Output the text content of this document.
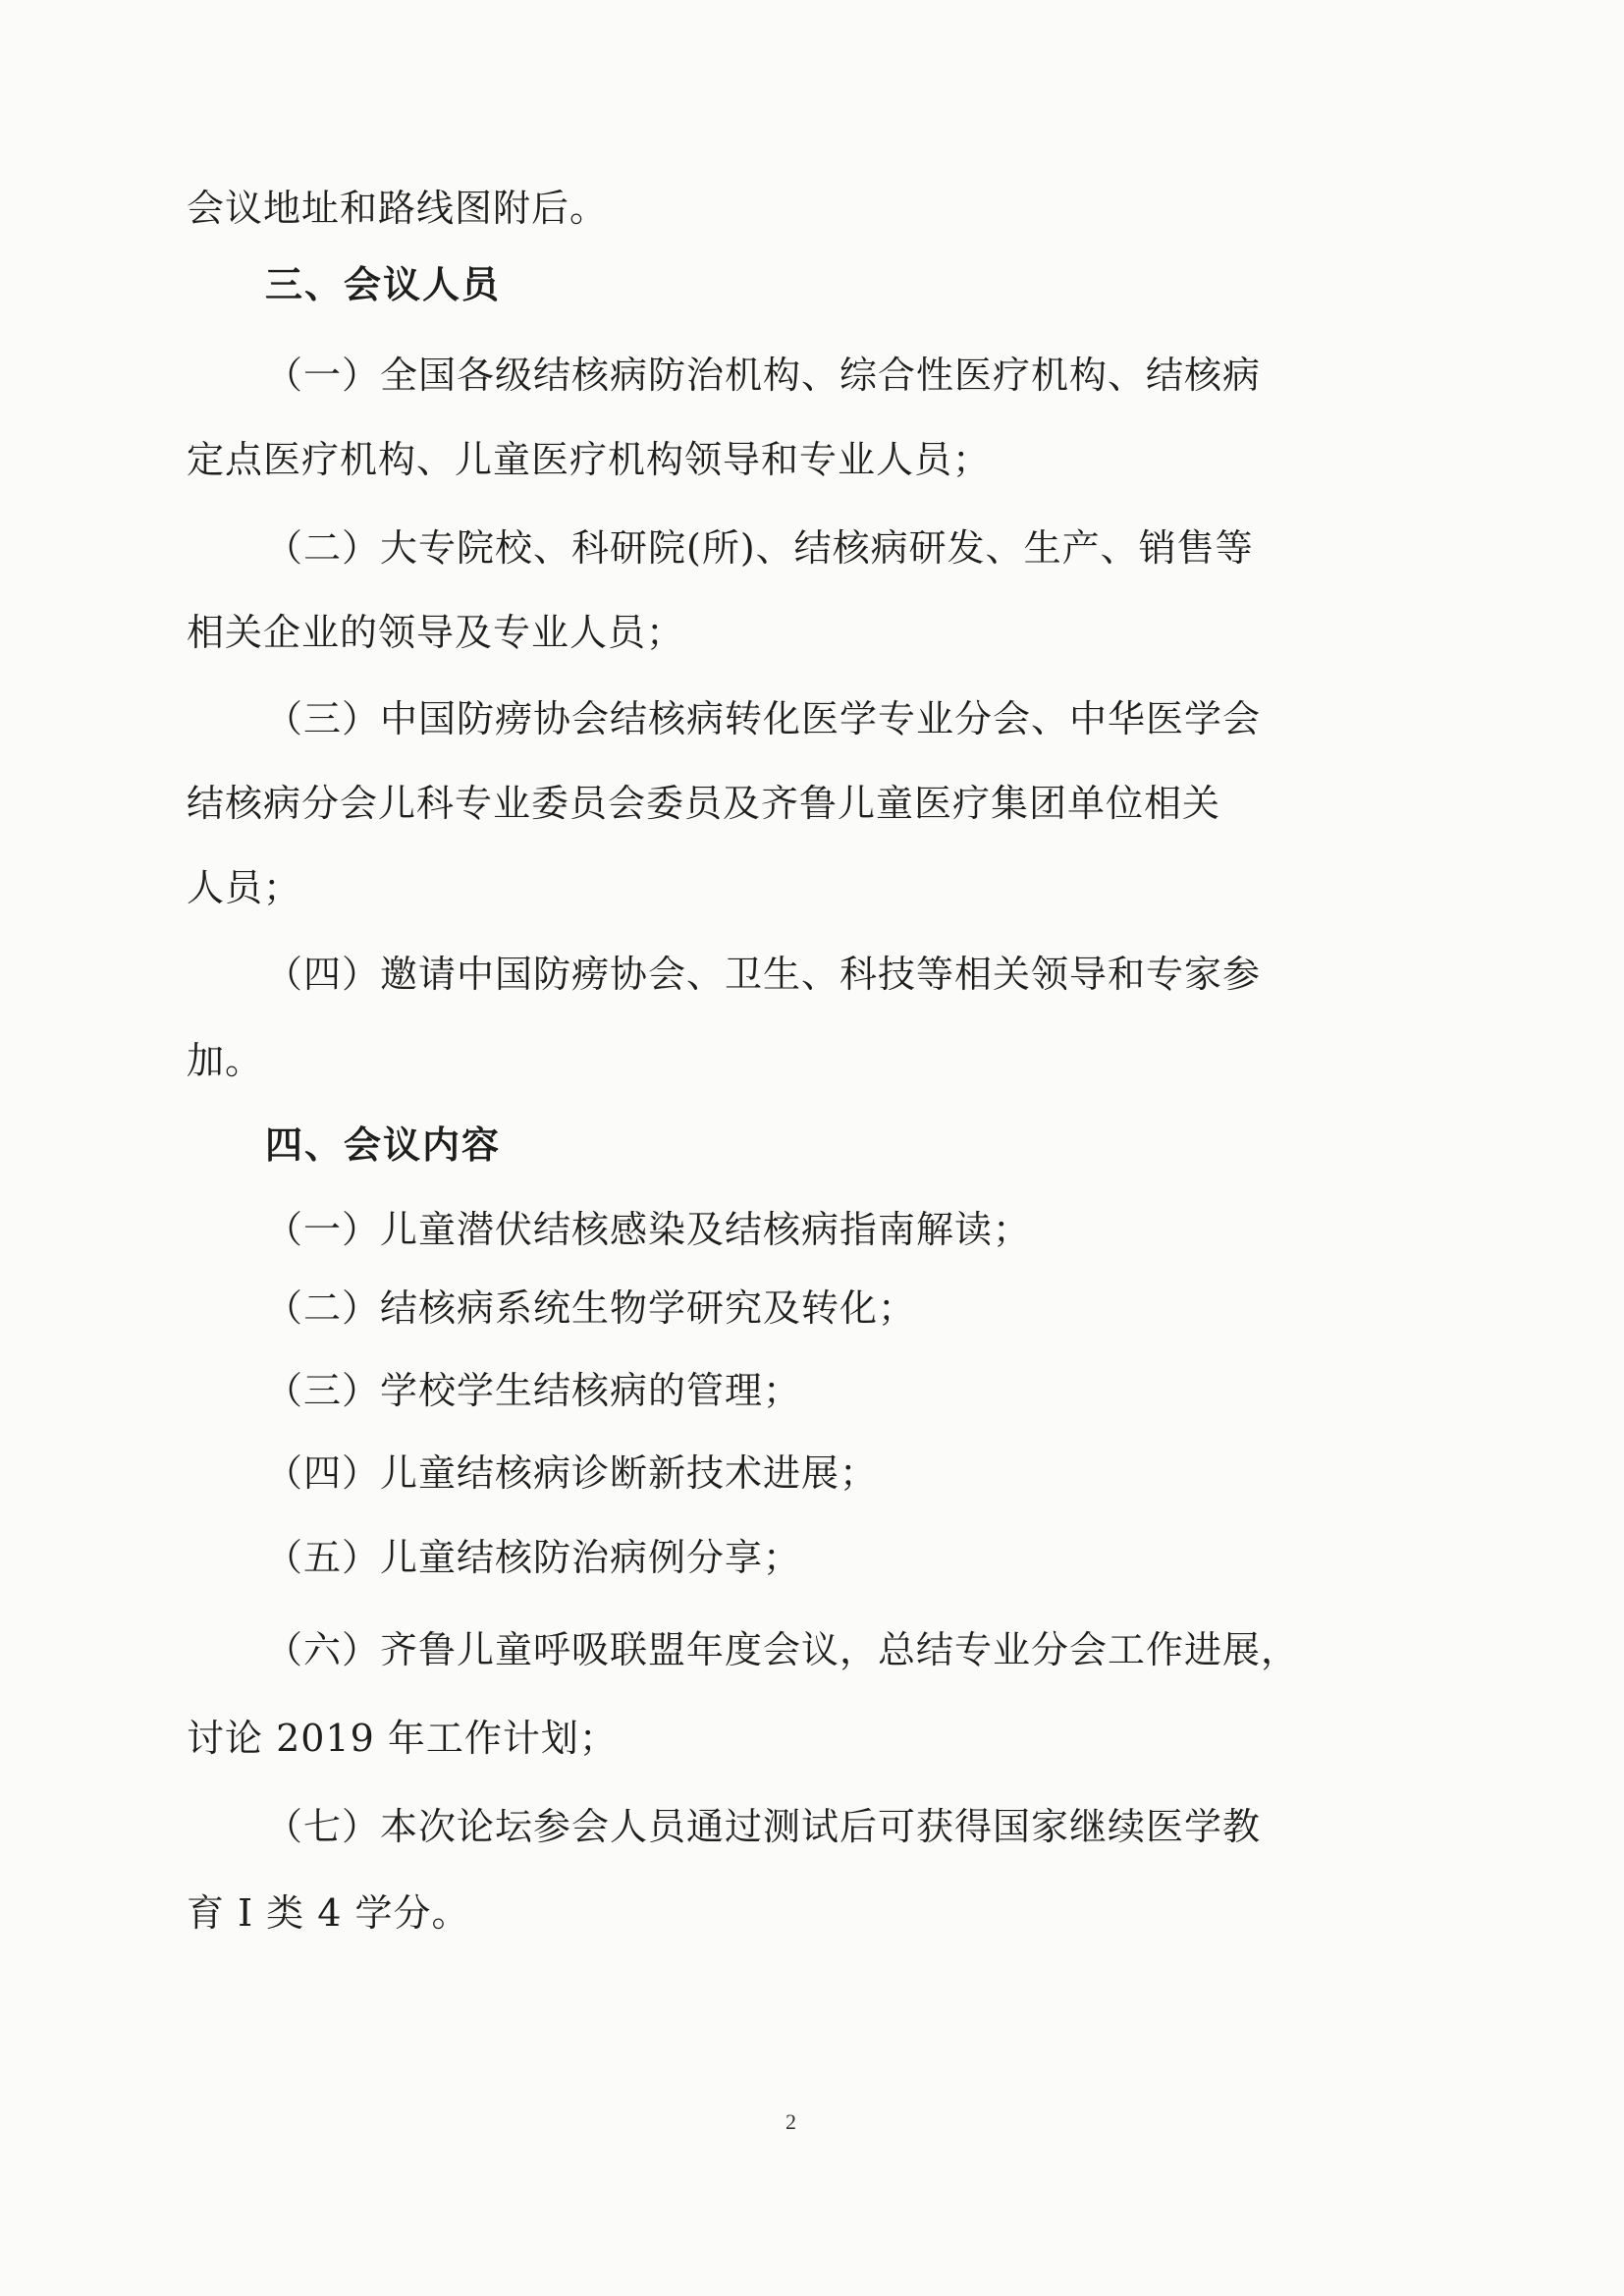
会议地址和路线图附后。
三、会议人员
（一）全国各级结核病防治机构、综合性医疗机构、结核病
定点医疗机构、儿童医疗机构领导和专业人员；
（二）大专院校、科研院(所)、结核病研发、生产、销售等
相关企业的领导及专业人员；
（三）中国防痨协会结核病转化医学专业分会、中华医学会
结核病分会儿科专业委员会委员及齐鲁儿童医疗集团单位相关
人员；
（四）邀请中国防痨协会、卫生、科技等相关领导和专家参
加。
四、会议内容
（一）儿童潜伏结核感染及结核病指南解读；
（二）结核病系统生物学研究及转化；
（三）学校学生结核病的管理；
（四）儿童结核病诊断新技术进展；
（五）儿童结核防治病例分享；
（六）齐鲁儿童呼吸联盟年度会议，总结专业分会工作进展，
讨论 2019 年工作计划；
（七）本次论坛参会人员通过测试后可获得国家继续医学教
育 Ⅰ 类 4 学分。
2
